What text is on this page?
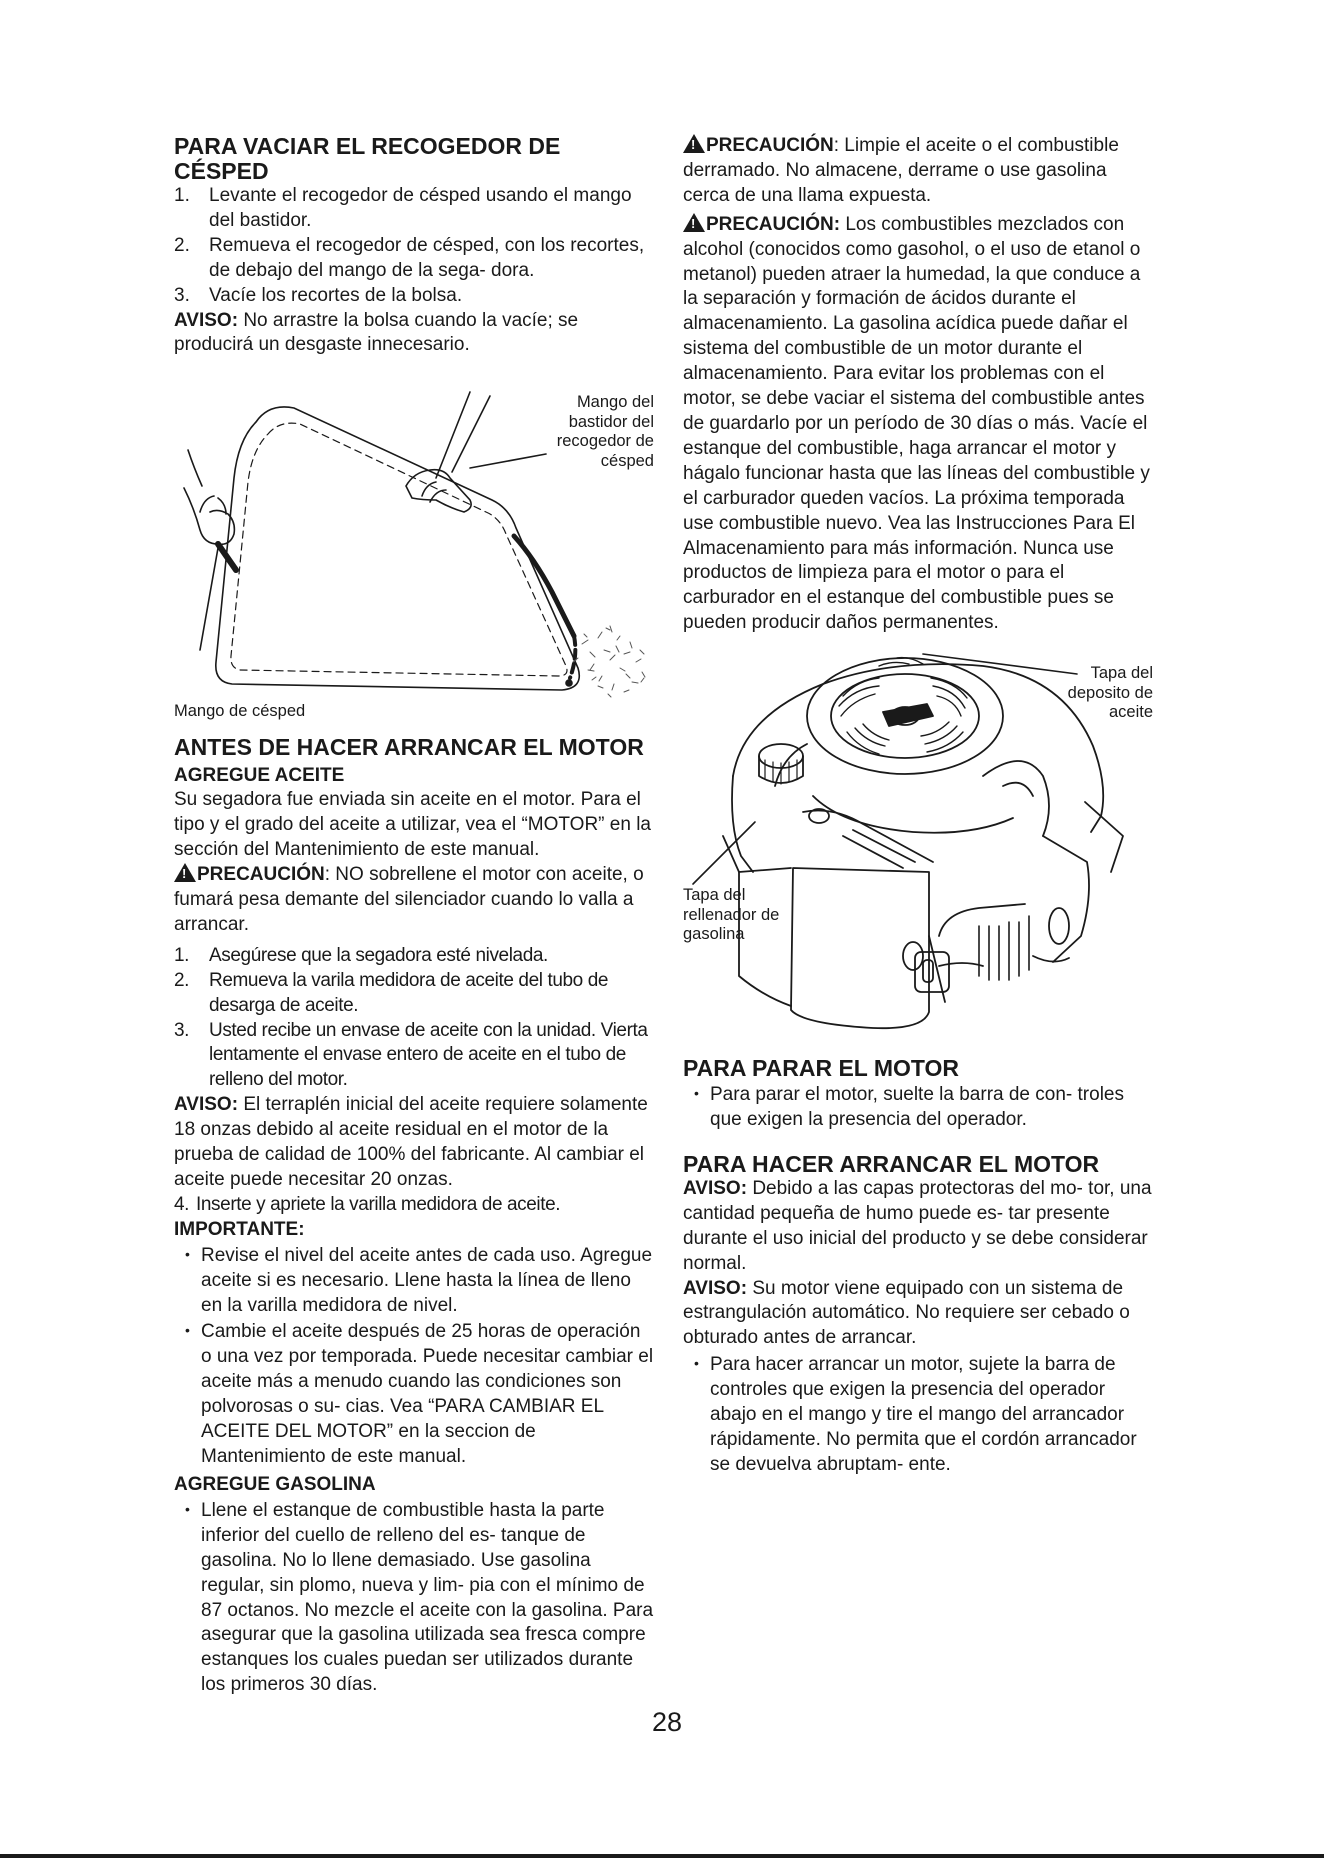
PARA VACIAR EL RECOGEDOR DE CÉSPED
1. Levante el recogedor de césped usando el mango del bastidor.
2. Remueva el recogedor de césped, con los recortes, de debajo del mango de la sega- dora.
3. Vacíe los recortes de la bolsa.

AVISO: No arrastre la bolsa cuando la vacíe; se producirá un desgaste innecesario.

Mango del bastidor del recogedor de césped

Mango de césped

ANTES DE HACER ARRANCAR EL MOTOR
AGREGUE ACEITE

Su segadora fue enviada sin aceite en el motor. Para el tipo y el grado del aceite a utilizar, vea el “MOTOR” en la sección del Mantenimiento de este manual.

!PRECAUCIÓN: NO sobrellene el motor con aceite, o fumará pesa demante del silenciador cuando lo valla a arrancar.

1. Asegúrese que la segadora esté nivelada.
2. Remueva la varila medidora de aceite del tubo de desarga de aceite.
3. Usted recibe un envase de aceite con la unidad. Vierta lentamente el envase entero de aceite en el tubo de relleno del motor.

AVISO: El terraplén inicial del aceite requiere solamente 18 onzas debido al aceite residual en el motor de la prueba de calidad de 100% del fabricante. Al cambiar el aceite puede necesitar 20 onzas.

4. Inserte y apriete la varilla medidora de aceite.
IMPORTANTE:
• Revise el nivel del aceite antes de cada uso. Agregue aceite si es necesario. Llene hasta la línea de lleno en la varilla medidora de nivel.
• Cambie el aceite después de 25 horas de operación o una vez por temporada. Puede necesitar cambiar el aceite más a menudo cuando las condiciones son polvorosas o su- cias. Vea “PARA CAMBIAR EL ACEITE DEL MOTOR” en la seccion de Mantenimiento de este manual.
AGREGUE GASOLINA
• Llene el estanque de combustible hasta la parte inferior del cuello de relleno del es- tanque de gasolina. No lo llene demasiado. Use gasolina regular, sin plomo, nueva y lim- pia con el mínimo de 87 octanos. No mezcle el aceite con la gasolina. Para asegurar que la gasolina utilizada sea fresca compre estanques los cuales puedan ser utilizados durante los primeros 30 días.

!PRECAUCIÓN: Limpie el aceite o el combustible derramado. No almacene, derrame o use gasolina cerca de una llama expuesta.

!PRECAUCIÓN: Los combustibles mezclados con alcohol (conocidos como gasohol, o el uso de etanol o metanol) pueden atraer la humedad, la que conduce a la separación y formación de ácidos durante el almacenamiento. La gasolina acídica puede dañar el sistema del combustible de un motor durante el almacenamiento. Para evitar los problemas con el motor, se debe vaciar el sistema del combustible antes de guardarlo por un período de 30 días o más. Vacíe el estanque del combustible, haga arrancar el motor y hágalo funcionar hasta que las líneas del combustible y el carburador queden vacíos. La próxima temporada use combustible nuevo. Vea las Instrucciones Para El Almacenamiento para más información. Nunca use productos de limpieza para el motor o para el carburador en el estanque del combustible pues se pueden producir daños permanentes.

Tapa del deposito de aceite

Tapa del rellenador de gasolina

PARA PARAR EL MOTOR
• Para parar el motor, suelte la barra de con- troles que exigen la presencia del operador.
PARA HACER ARRANCAR EL MOTOR

AVISO: Debido a las capas protectoras del mo- tor, una cantidad pequeña de humo puede es- tar presente durante el uso inicial del producto y se debe considerar normal.

AVISO: Su motor viene equipado con un sistema de estrangulación automático. No requiere ser cebado o obturado antes de arrancar.

• Para hacer arrancar un motor, sujete la barra de controles que exigen la presencia del operador abajo en el mango y tire el mango del arrancador rápidamente. No permita que el cordón arrancador se devuelva abruptam- ente.
28
